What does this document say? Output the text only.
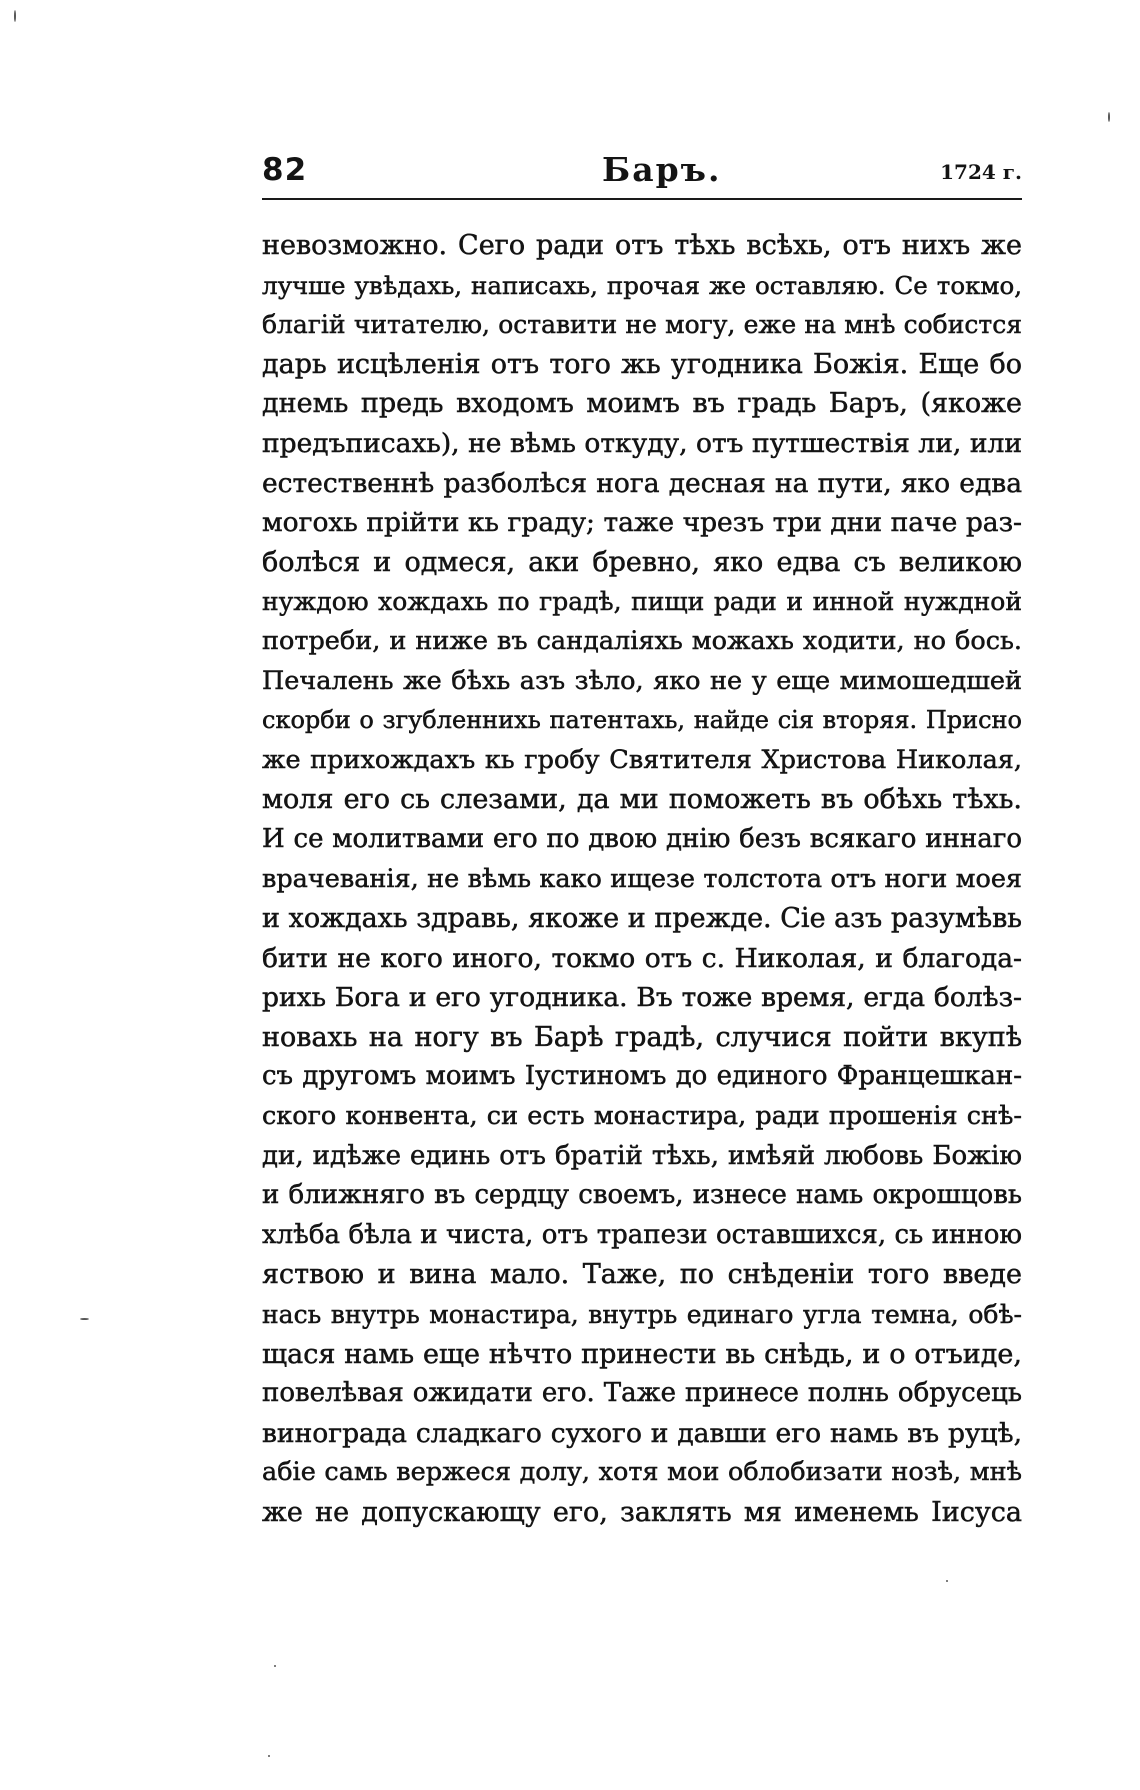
82	Баръ.	1724 г.
невозможно. Сего ради отъ тѣхь всѣхь, отъ нихъ же
лучше увѣдахь, написахь, прочая же оставляю. Се токмо,
благій читателю, оставити не могу, еже на мнѣ собистся
дарь исцѣленія отъ того жь угодника Божія. Еще бо
днемь предь входомъ моимъ въ градь Баръ, (якоже
предъписахь), не вѣмь откуду, отъ путшествія ли, или
естественнѣ разболѣся нога десная на пути, яко едва
могохь прійти кь граду; таже чрезъ три дни паче раз-
болѣся и одмеся, аки бревно, яко едва съ великою
нуждою хождахь по градѣ, пищи ради и инной нуждной
потреби, и ниже въ сандаліяхь можахь ходити, но бось.
Печалень же бѣхь азъ зѣло, яко не у еще мимошедшей
скорби о згубленнихь патентахь, найде сія вторяя. Присно
же прихождахъ кь гробу Святителя Христова Николая,
моля его сь слезами, да ми поможеть въ обѣхь тѣхь.
И се молитвами его по двою днію безъ всякаго иннаго
врачеванія, не вѣмь како ищезе толстота отъ ноги моея
и хождахь здравь, якоже и прежде. Сіе азъ разумѣвь
бити не кого иного, токмо отъ с. Николая, и благода-
рихь Бога и его угодника. Въ тоже время, егда болѣз-
новахь на ногу въ Барѣ градѣ, случися пойти вкупѣ
съ другомъ моимъ Іустиномъ до единого Францешкан-
ского конвента, си есть монастира, ради прошенія снѣ-
ди, идѣже единь отъ братій тѣхь, имѣяй любовь Божію
и ближняго въ сердцу своемъ, изнесе намь окрошцовь
хлѣба бѣла и чиста, отъ трапези оставшихся, сь инною
яствою и вина мало. Таже, по снѣденіи того введе
нась внутрь монастира, внутрь единаго угла темна, обѣ-
щася намь еще нѣчто принести вь снѣдь, и о отъиде,
повелѣвая ожидати его. Таже принесе полнь обрусець
винограда сладкаго сухого и давши его намь въ руцѣ,
абіе самь вержеся долу, хотя мои облобизати нозѣ, мнѣ
же не допускающу его, заклять мя именемь Іисуса
